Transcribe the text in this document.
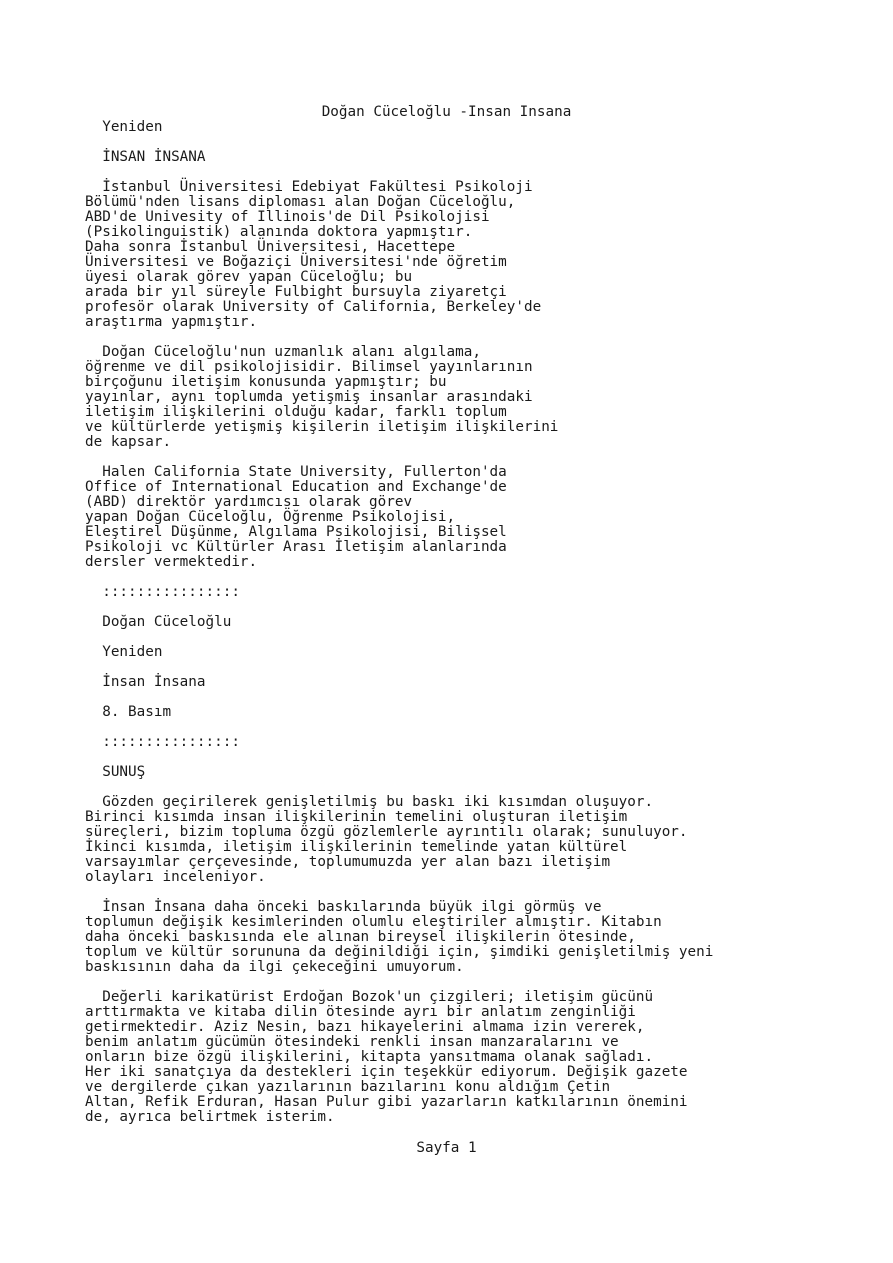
Doğan Cüceloğlu -Insan Insana
Yeniden
İNSAN İNSANA
İstanbul Üniversitesi Edebiyat Fakültesi Psikoloji
Bölümü'nden lisans diploması alan Doğan Cüceloğlu,
ABD'de Univesity of Illinois'de Dil Psikolojisi
(Psikolinguistik) alanında doktora yapmıştır.
Daha sonra İstanbul Üniversitesi, Hacettepe
Üniversitesi ve Boğaziçi Üniversitesi'nde öğretim
üyesi olarak görev yapan Cüceloğlu; bu
arada bir yıl süreyle Fulbight bursuyla ziyaretçi
profesör olarak University of California, Berkeley'de
araştırma yapmıştır.
Doğan Cüceloğlu'nun uzmanlık alanı algılama,
öğrenme ve dil psikolojisidir. Bilimsel yayınlarının
birçoğunu iletişim konusunda yapmıştır; bu
yayınlar, aynı toplumda yetişmiş insanlar arasındaki
iletişim ilişkilerini olduğu kadar, farklı toplum
ve kültürlerde yetişmiş kişilerin iletişim ilişkilerini
de kapsar.
Halen California State University, Fullerton'da
Office of International Education and Exchange'de
(ABD) direktör yardımcısı olarak görev
yapan Doğan Cüceloğlu, Öğrenme Psikolojisi,
Eleştirel Düşünme, Algılama Psikolojisi, Bilişsel
Psikoloji vc Kültürler Arası İletişim alanlarında
dersler vermektedir.
::::::::::::::::
Doğan Cüceloğlu
Yeniden
İnsan İnsana
8. Basım
::::::::::::::::
SUNUŞ
Gözden geçirilerek genişletilmiş bu baskı iki kısımdan oluşuyor.
Birinci kısımda insan ilişkilerinin temelini oluşturan iletişim
süreçleri, bizim topluma özgü gözlemlerle ayrıntılı olarak; sunuluyor.
İkinci kısımda, iletişim ilişkilerinin temelinde yatan kültürel
varsayımlar çerçevesinde, toplumumuzda yer alan bazı iletişim
olayları inceleniyor.
İnsan İnsana daha önceki baskılarında büyük ilgi görmüş ve
toplumun değişik kesimlerinden olumlu eleştiriler almıştır. Kitabın
daha önceki baskısında ele alınan bireysel ilişkilerin ötesinde,
toplum ve kültür sorununa da değinildiği için, şimdiki genişletilmiş yeni
baskısının daha da ilgi çekeceğini umuyorum.
Değerli karikatürist Erdoğan Bozok'un çizgileri; iletişim gücünü
arttırmakta ve kitaba dilin ötesinde ayrı bir anlatım zenginliği
getirmektedir. Aziz Nesin, bazı hikayelerini almama izin vererek,
benim anlatım gücümün ötesindeki renkli insan manzaralarını ve
onların bize özgü ilişkilerini, kitapta yansıtmama olanak sağladı.
Her iki sanatçıya da destekleri için teşekkür ediyorum. Değişik gazete
ve dergilerde çıkan yazılarının bazılarını konu aldığım Çetin
Altan, Refik Erduran, Hasan Pulur gibi yazarların katkılarının önemini
de, ayrıca belirtmek isterim.
Sayfa 1
